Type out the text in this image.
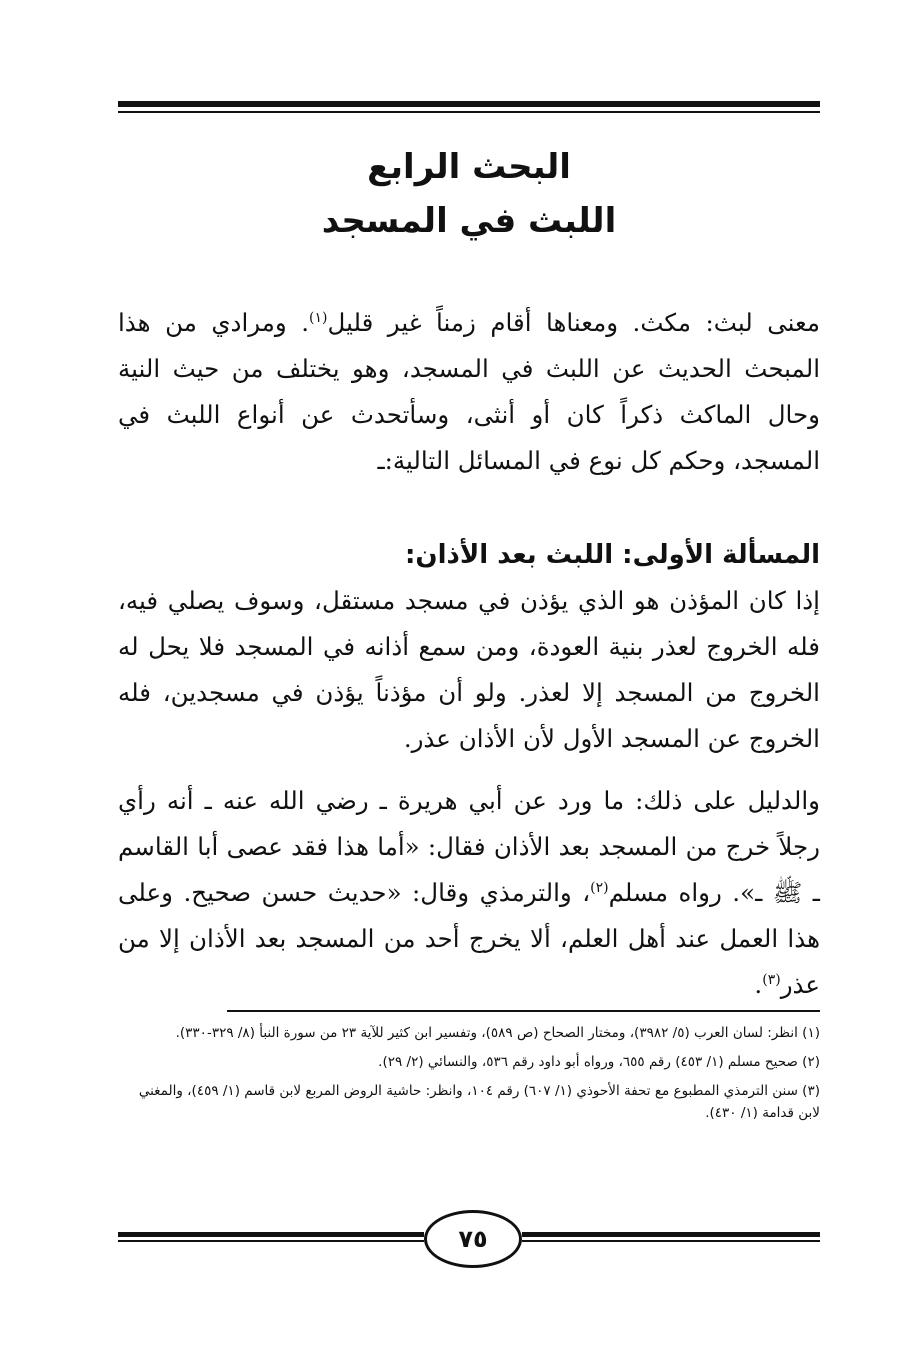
البحث الرابع
اللبث في المسجد

معنى لبث: مكث. ومعناها أقام زمناً غير قليل$^{(١)}$. ومرادي من هذا المبحث الحديث عن اللبث في المسجد، وهو يختلف من حيث النية وحال الماكث ذكراً كان أو أنثى، وسأتحدث عن أنواع اللبث في المسجد، وحكم كل نوع في المسائل التالية:ـ

المسألة الأولى: اللبث بعد الأذان:

إذا كان المؤذن هو الذي يؤذن في مسجد مستقل، وسوف يصلي فيه، فله الخروج لعذر بنية العودة، ومن سمع أذانه في المسجد فلا يحل له الخروج من المسجد إلا لعذر. ولو أن مؤذناً يؤذن في مسجدين، فله الخروج عن المسجد الأول لأن الأذان عذر.

والدليل على ذلك: ما ورد عن أبي هريرة ـ رضي الله عنه ـ أنه رأي رجلاً خرج من المسجد بعد الأذان فقال: «أما هذا فقد عصى أبا القاسم ـ ﷺ ـ». رواه مسلم$^{(٢)}$، والترمذي وقال: «حديث حسن صحيح. وعلى هذا العمل عند أهل العلم، ألا يخرج أحد من المسجد بعد الأذان إلا من عذر$^{(٣)}$.

(١) انظر: لسان العرب (٥/ ٣٩٨٢)، ومختار الصحاح (ص ٥٨٩)، وتفسير ابن كثير للآية ٢٣ من سورة النبأ (٨/ ٣٢٩-٣٣٠).

(٢) صحيح مسلم (١/ ٤٥٣) رقم ٦٥٥، ورواه أبو داود رقم ٥٣٦، والنسائي (٢/ ٢٩).

(٣) سنن الترمذي المطبوع مع تحفة الأحوذي (١/ ٦٠٧) رقم ١٠٤، وانظر: حاشية الروض المربع لابن قاسم (١/ ٤٥٩)، والمغني لابن قدامة (١/ ٤٣٠).

٧٥
